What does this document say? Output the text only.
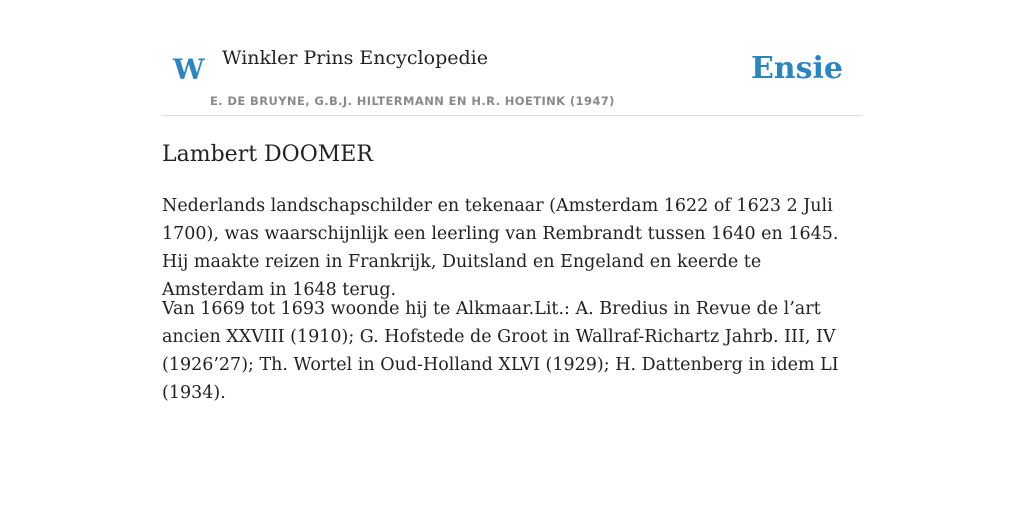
W Winkler Prins Encyclopedie
E. DE BRUYNE, G.B.J. HILTERMANN EN H.R. HOETINK (1947)
Ensie
Lambert DOOMER

Nederlands landschapschilder en tekenaar (Amsterdam 1622 of 1623 2 Juli 1700), was waarschijnlijk een leerling van Rembrandt tussen 1640 en 1645. Hij maakte reizen in Frankrijk, Duitsland en Engeland en keerde te Amsterdam in 1648 terug.

Van 1669 tot 1693 woonde hij te Alkmaar.Lit.: A. Bredius in Revue de l’art ancien XXVIII (1910); G. Hofstede de Groot in Wallraf-Richartz Jahrb. III, IV (1926’27); Th. Wortel in Oud-Holland XLVI (1929); H. Dattenberg in idem LI (1934).
